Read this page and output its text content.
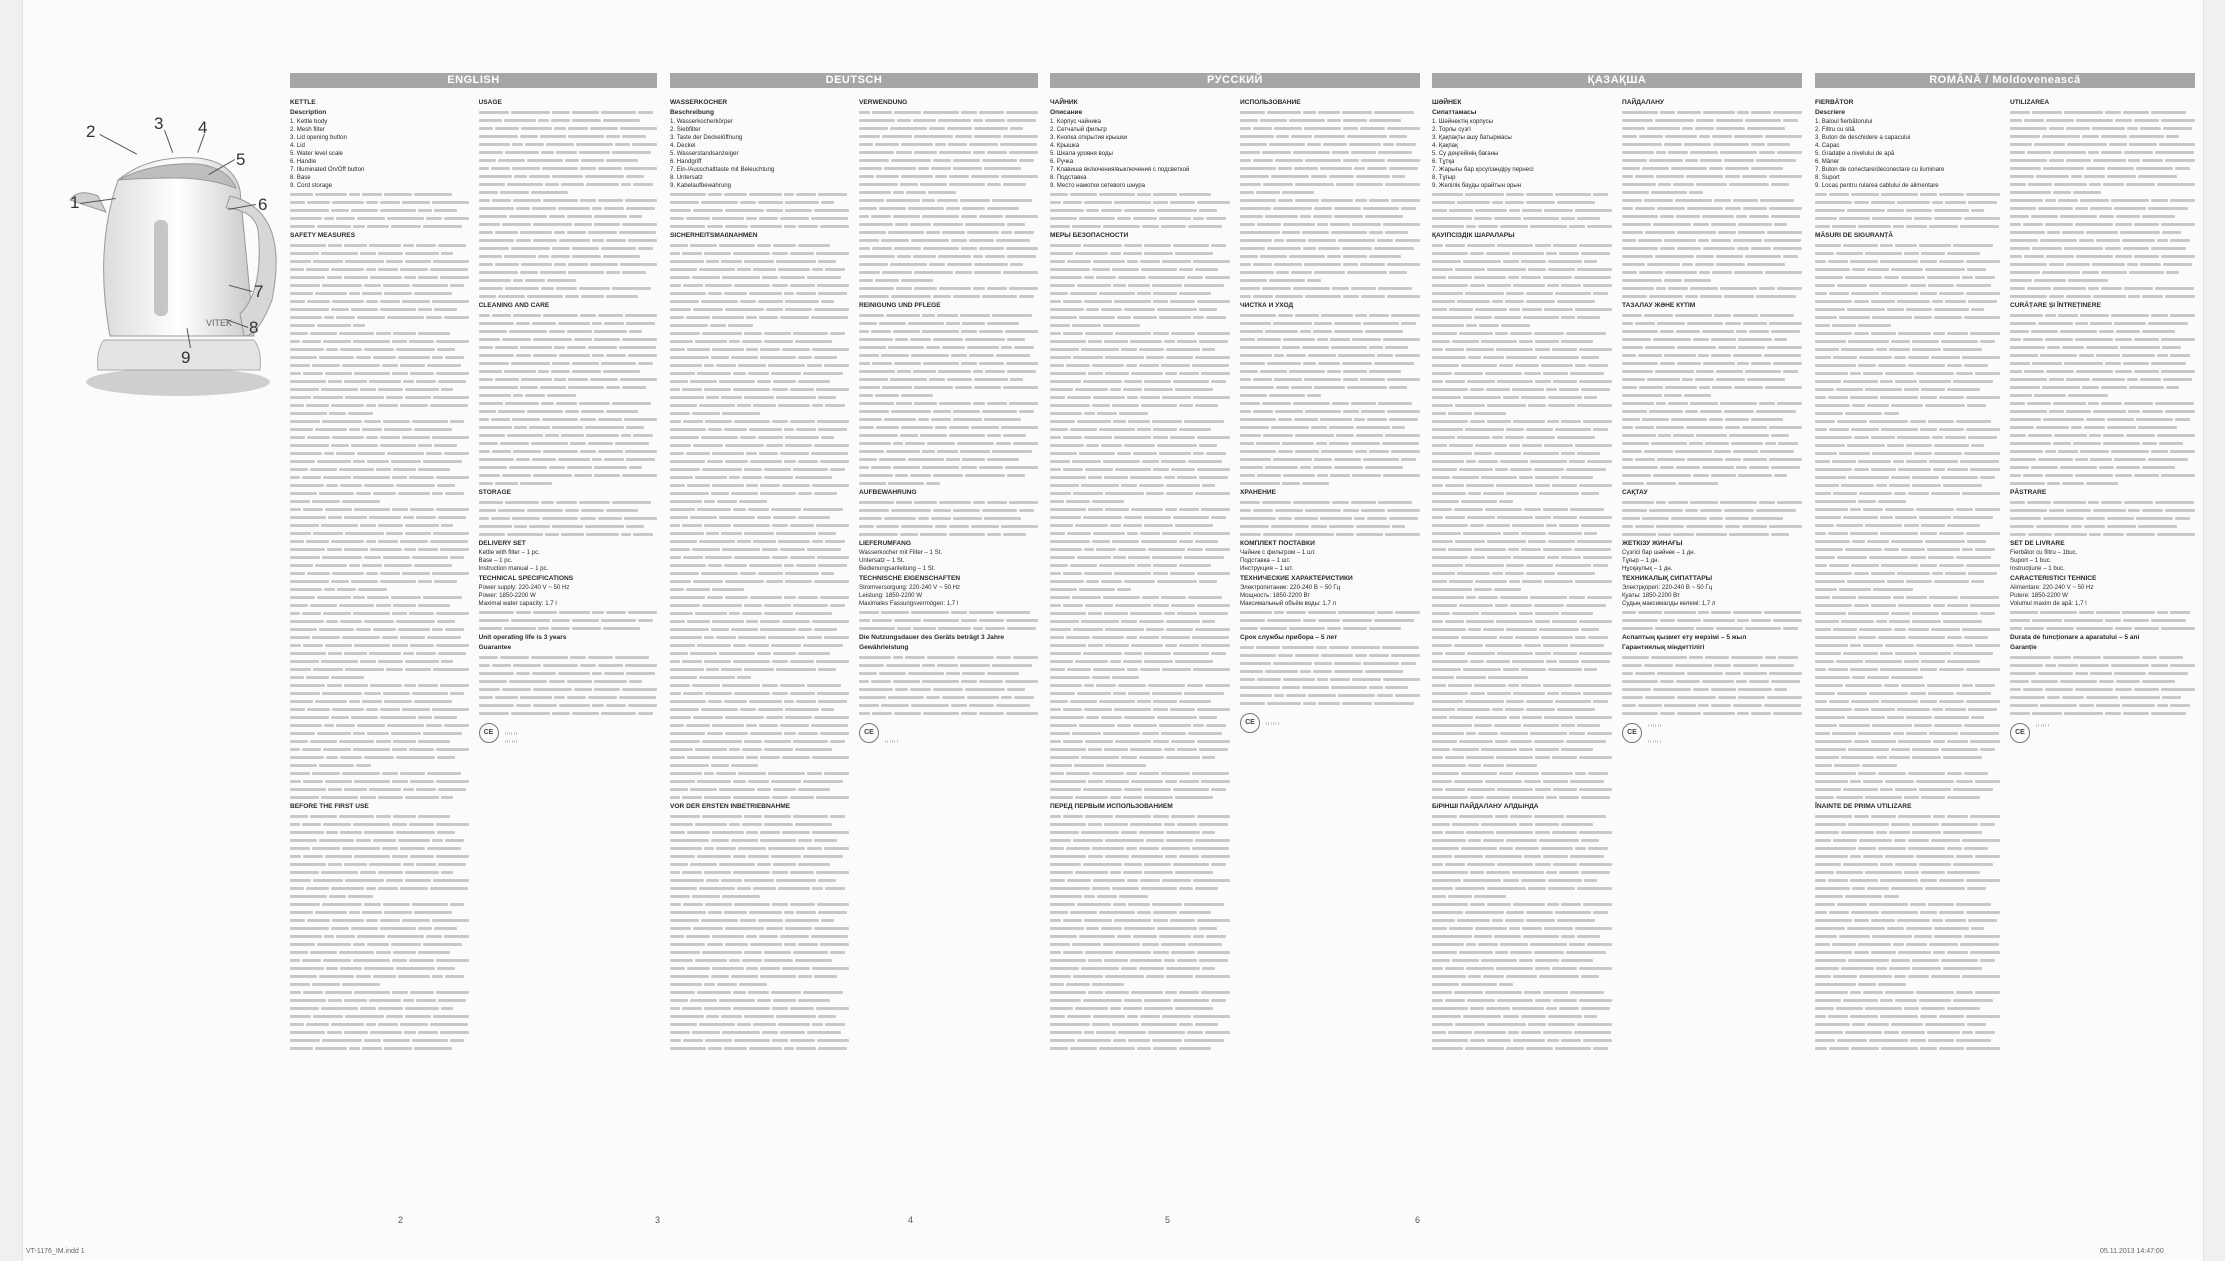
VITEK
1
2	3 4
5
6
7
8
9
ENGLISH
KETTLE
Description
1. Kettle body
2. Mesh filter
3. Lid opening button
4. Lid
5. Water level scale
6. Handle
7. Illuminated On/Off button
8. Base
9. Cord storage
SAFETY MEASURES
BEFORE THE FIRST USE
USAGE
CLEANING AND CARE
STORAGE
DELIVERY SET
Kettle with filter – 1 pc.
Base – 1 pc.
Instruction manual – 1 pc.
TECHNICAL SPECIFICATIONS
Power supply: 220-240 V ~ 50 Hz
Power: 1850-2200 W
Maximal water capacity: 1.7 l
Unit operating life is 3 years
Guarantee
CE
DEUTSCH
WASSERKOCHER
Beschreibung
1. Wasserkocherkörper
2. Siebfilter
3. Taste der Deckelöffnung
4. Deckel
5. Wasserstandsanzeiger
6. Handgriff
7. Ein-/Ausschalttaste mit Beleuchtung
8. Untersatz
9. Kabelaufbewahrung
SICHERHEITSMAßNAHMEN
VOR DER ERSTEN INBETRIEBNAHME
VERWENDUNG
REINIGUNG UND PFLEGE
AUFBEWAHRUNG
LIEFERUMFANG
Wasserkocher mit Filter – 1 St.
Untersatz – 1 St.
Bedienungsanleitung – 1 St.
TECHNISCHE EIGENSCHAFTEN
Stromversorgung: 220-240 V ~ 50 Hz
Leistung: 1850-2200 W
Maximales Fassungsvermögen: 1,7 l
Die Nutzungsdauer des Geräts beträgt 3 Jahre
Gewährleistung
CE
РУССКИЙ
ЧАЙНИК
Описание
1. Корпус чайника
2. Сетчатый фильтр
3. Кнопка открытия крышки
4. Крышка
5. Шкала уровня воды
6. Ручка
7. Клавиша включения/выключения с подсветкой
8. Подставка
9. Место намотки сетевого шнура
МЕРЫ БЕЗОПАСНОСТИ
ПЕРЕД ПЕРВЫМ ИСПОЛЬЗОВАНИЕМ
ИСПОЛЬЗОВАНИЕ
ЧИСТКА И УХОД
ХРАНЕНИЕ
КОМПЛЕКТ ПОСТАВКИ
Чайник с фильтром – 1 шт.
Подставка – 1 шт.
Инструкция – 1 шт.
ТЕХНИЧЕСКИЕ ХАРАКТЕРИСТИКИ
Электропитание: 220-240 В ~ 50 Гц
Мощность: 1850-2200 Вт
Максимальный объём воды: 1,7 л
Срок службы прибора – 5 лет
CE
ҚАЗАҚША
ШӘЙНЕК
Сипаттамасы
1. Шәйнектің корпусы
2. Торлы сүзгі
3. Қақпақты ашу батырмасы
4. Қақпақ
5. Су деңгейінің бағаны
6. Тұтқа
7. Жарығы бар қосу/сөндіру пернесі
8. Тұғыр
9. Желілік бауды орайтын орын
ҚАУІПСІЗДІК ШАРАЛАРЫ
БІРІНШІ ПАЙДАЛАНУ АЛДЫНДА
ПАЙДАЛАНУ
ТАЗАЛАУ ЖӘНЕ КҮТІМ
САҚТАУ
ЖЕТКІЗУ ЖИНАҒЫ
Сүзгісі бар шәйнек – 1 дн.
Тұғыр – 1 дн.
Нұсқаулық – 1 дн.
ТЕХНИКАЛЫҚ СИПАТТАРЫ
Электрқорегі: 220-240 В ~ 50 Гц
Қуаты: 1850-2200 Вт
Судың максималды көлемі: 1,7 л
Аспаптың қызмет ету мерзімі – 5 жыл
Гарантиялық міндеттілігі
CE
ROMÂNĂ / Moldovenească
FIERBĂTOR
Descriere
1. Baloul fierbătorului
2. Filtru cu sită
3. Buton de deschidere a capacului
4. Capac
5. Gradație a nivelului de apă
6. Mâner
7. Buton de conectare/deconectare cu iluminare
8. Suport
9. Locaș pentru rularea cablului de alimentare
MĂSURI DE SIGURANȚĂ
ÎNAINTE DE PRIMA UTILIZARE
UTILIZAREA
CURĂȚARE ȘI ÎNTREȚINERE
PĂSTRARE
SET DE LIVRARE
Fierbător cu filtru – 1buc.
Suport – 1 buc.
Instrucțiune – 1 buc.
CARACTERISTICI TEHNICE
Alimentare: 220-240 V ~ 50 Hz
Putere: 1850-2200 W
Volumul maxim de apă: 1,7 l
Durata de funcționare a aparatului – 5 ani
Garanție
CE
2	3	4	5	6
VT-1176_IM.indd 1	05.11.2013 14:47:00
